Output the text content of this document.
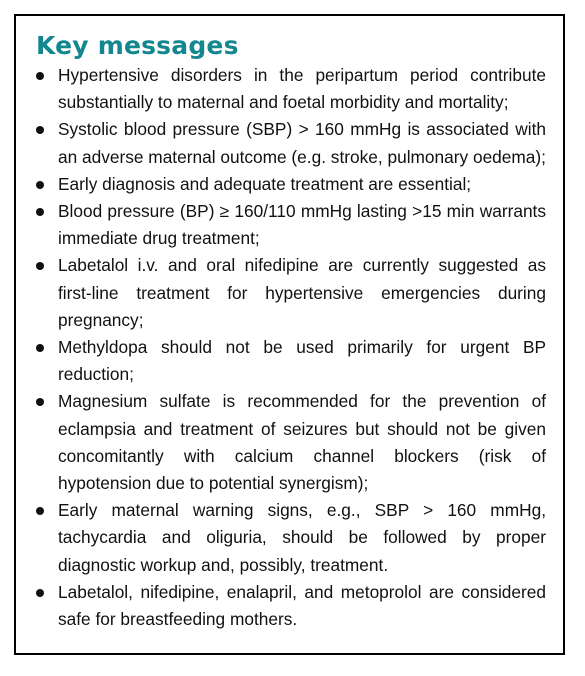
Key messages
Hypertensive disorders in the peripartum period contribute substantially to maternal and foetal morbidity and mortality;
Systolic blood pressure (SBP) > 160 mmHg is associated with an adverse maternal outcome (e.g. stroke, pulmonary oedema);
Early diagnosis and adequate treatment are essential;
Blood pressure (BP) ≥ 160/110 mmHg lasting >15 min warrants immediate drug treatment;
Labetalol i.v. and oral nifedipine are currently suggested as first-line treatment for hypertensive emergencies during pregnancy;
Methyldopa should not be used primarily for urgent BP reduction;
Magnesium sulfate is recommended for the prevention of eclampsia and treatment of seizures but should not be given concomitantly with calcium channel blockers (risk of hypotension due to potential synergism);
Early maternal warning signs, e.g., SBP > 160 mmHg, tachycardia and oliguria, should be followed by proper diagnostic workup and, possibly, treatment.
Labetalol, nifedipine, enalapril, and metoprolol are considered safe for breastfeeding mothers.
